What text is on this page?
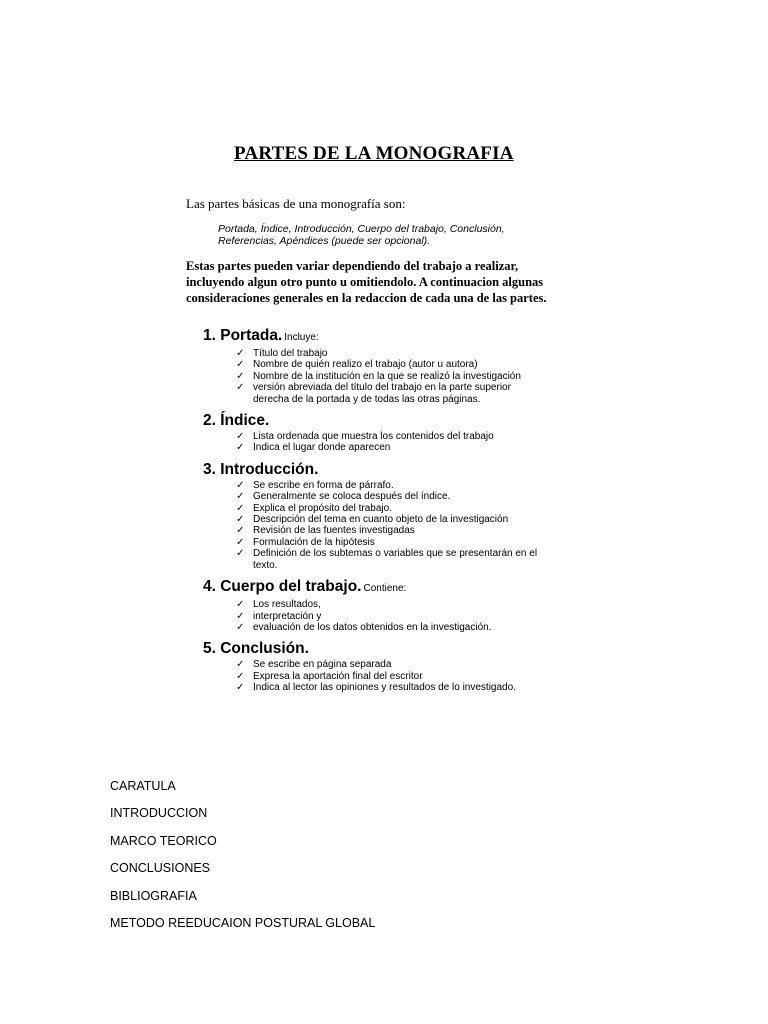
PARTES DE LA MONOGRAFIA
Las partes básicas de una monografía son:
Portada, Índice, Introducción, Cuerpo del trabajo, Conclusión,
Referencias, Apéndices (puede ser opcional).
Estas partes pueden variar dependiendo del trabajo a realizar,
incluyendo algun otro punto u omitiendolo. A continuacion algunas
consideraciones generales en la redaccion de cada una de las partes.
1. Portada. Incluye:
✓ Título del trabajo
✓ Nombre de quién realizo el trabajo (autor u autora)
✓ Nombre de la institución en la que se realizó la investigación
✓ versión abreviada del título del trabajo en la parte superior
derecha de la portada y de todas las otras páginas.
2. Índice.
✓ Lista ordenada que muestra los contenidos del trabajo
✓ Indica el lugar donde aparecen
3. Introducción.
✓ Se escribe en forma de párrafo.
✓ Generalmente se coloca después del índice.
✓ Explica el propósito del trabajo.
✓ Descripción del tema en cuanto objeto de la investigación
✓ Revisión de las fuentes investigadas
✓ Formulación de la hipótesis
✓ Definición de los subtemas o variables que se presentarán en el
texto.
4. Cuerpo del trabajo. Contiene:
✓ Los resultados,
✓ interpretación y
✓ evaluación de los datos obtenidos en la investigación.
5. Conclusión.
✓ Se escribe en página separada
✓ Expresa la aportación final del escritor
✓ Indica al lector las opiniones y resultados de lo investigado.
CARATULA
INTRODUCCION
MARCO TEORICO
CONCLUSIONES
BIBLIOGRAFIA
METODO REEDUCAION POSTURAL GLOBAL
